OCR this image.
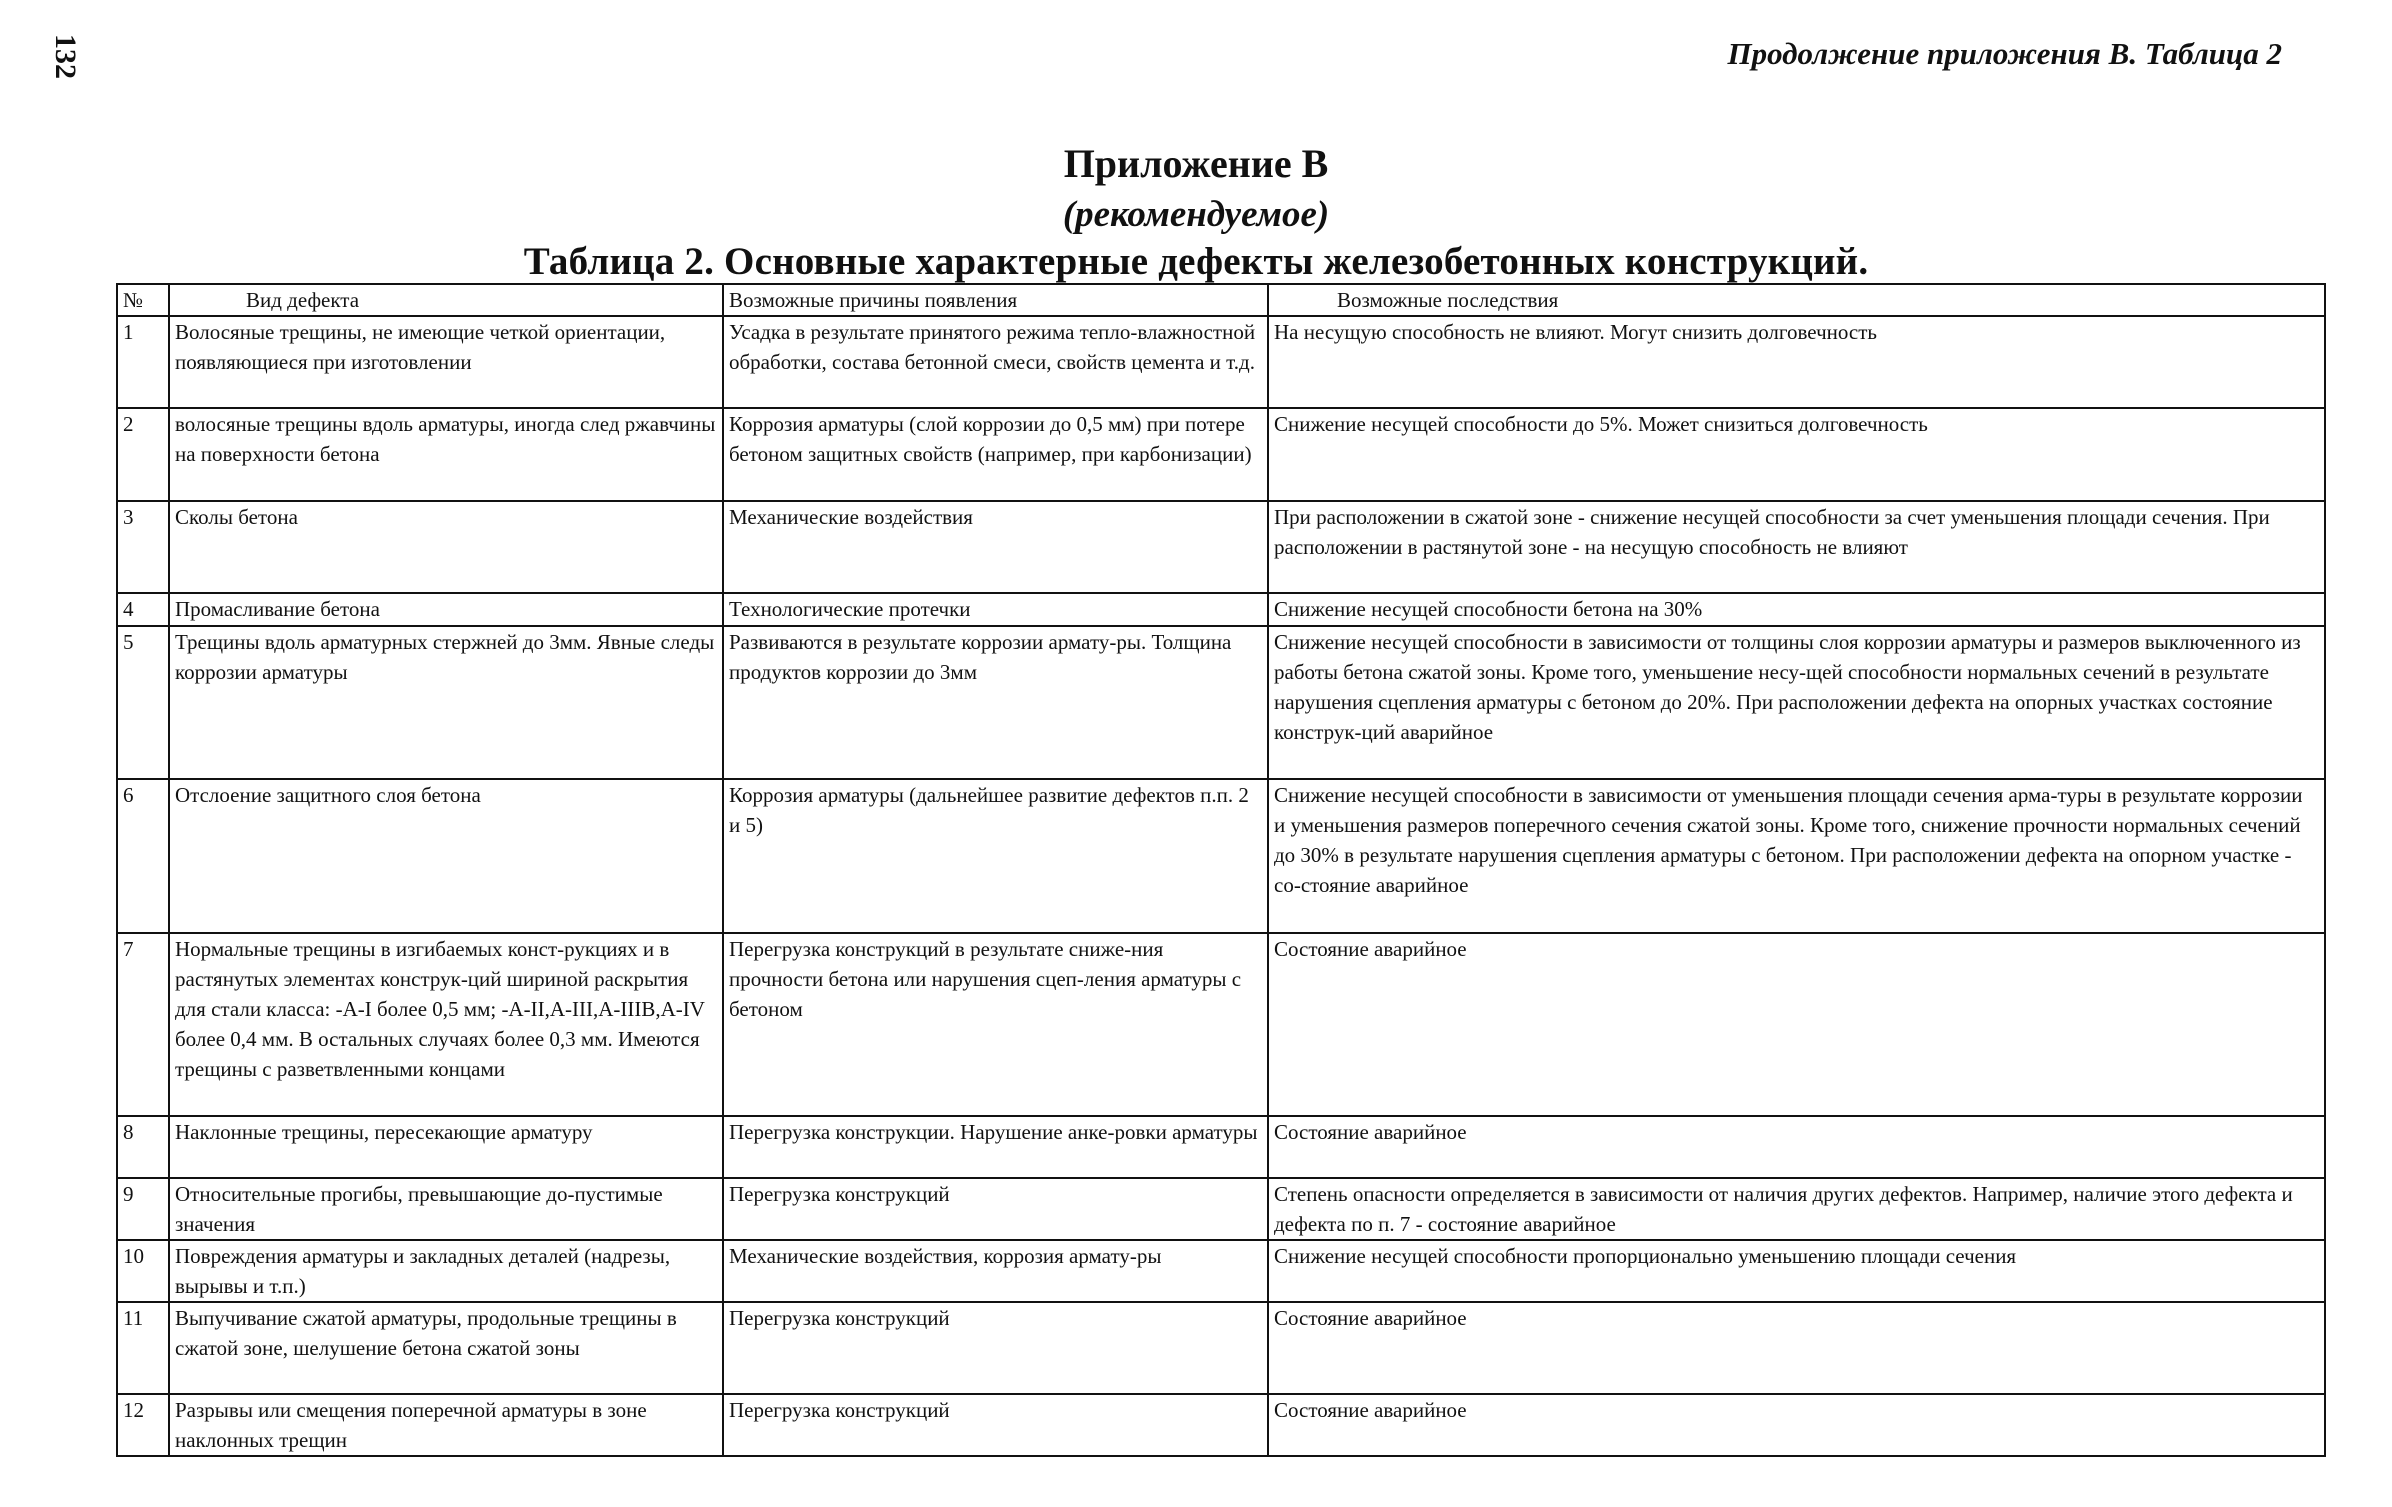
132	Продолжение приложения В. Таблица 2
Приложение В
(рекомендуемое)
Таблица 2. Основные характерные дефекты железобетонных конструкций.
№	Вид дефекта	Возможные причины появления	Возможные последствия
1	Волосяные трещины, не имеющие четкой ориентации, появляющиеся при изготовлении	Усадка в результате принятого режима тепло-влажностной обработки, состава бетонной смеси, свойств цемента и т.д.	На несущую способность не влияют. Могут снизить долговечность
2	волосяные трещины вдоль арматуры, иногда след ржавчины на поверхности бетона	Коррозия арматуры (слой коррозии до 0,5 мм) при потере бетоном защитных свойств (например, при карбонизации)	Снижение несущей способности до 5%. Может снизиться долговечность
3	Сколы бетона	Механические воздействия	При расположении в сжатой зоне - снижение несущей способности за счет уменьшения площади сечения. При расположении в растянутой зоне - на несущую способность не влияют
4	Промасливание бетона	Технологические протечки	Снижение несущей способности бетона на 30%
5	Трещины вдоль арматурных стержней до 3мм. Явные следы коррозии арматуры	Развиваются в результате коррозии армату-ры. Толщина продуктов коррозии до 3мм	Снижение несущей способности в зависимости от толщины слоя коррозии арматуры и размеров выключенного из работы бетона сжатой зоны. Кроме того, уменьшение несу-щей способности нормальных сечений в результате нарушения сцепления арматуры с бетоном до 20%. При расположении дефекта на опорных участках состояние конструк-ций аварийное
6	Отслоение защитного слоя бетона	Коррозия арматуры (дальнейшее развитие дефектов п.п. 2 и 5)	Снижение несущей способности в зависимости от уменьшения площади сечения арма-туры в результате коррозии и уменьшения размеров поперечного сечения сжатой зоны. Кроме того, снижение прочности нормальных сечений до 30% в результате нарушения сцепления арматуры с бетоном. При расположении дефекта на опорном участке - со-стояние аварийное
7	Нормальные трещины в изгибаемых конст-рукциях и в растянутых элементах конструк-ций шириной раскрытия для стали класса: -А-I более 0,5 мм; -А-II,А-III,А-IIIВ,А-IV более 0,4 мм. В остальных случаях более 0,3 мм. Имеются трещины с разветвленными концами	Перегрузка конструкций в результате сниже-ния прочности бетона или нарушения сцеп-ления арматуры с бетоном	Состояние аварийное
8	Наклонные трещины, пересекающие арматуру	Перегрузка конструкции. Нарушение анке-ровки арматуры	Состояние аварийное
9	Относительные прогибы, превышающие до-пустимые значения	Перегрузка конструкций	Степень опасности определяется в зависимости от наличия других дефектов. Например, наличие этого дефекта и дефекта по п. 7 - состояние аварийное
10	Повреждения арматуры и закладных деталей (надрезы, вырывы и т.п.)	Механические воздействия, коррозия армату-ры	Снижение несущей способности пропорционально уменьшению площади сечения
11	Выпучивание сжатой арматуры, продольные трещины в сжатой зоне, шелушение бетона сжатой зоны	Перегрузка конструкций	Состояние аварийное
12	Разрывы или смещения поперечной арматуры в зоне наклонных трещин	Перегрузка конструкций	Состояние аварийное
